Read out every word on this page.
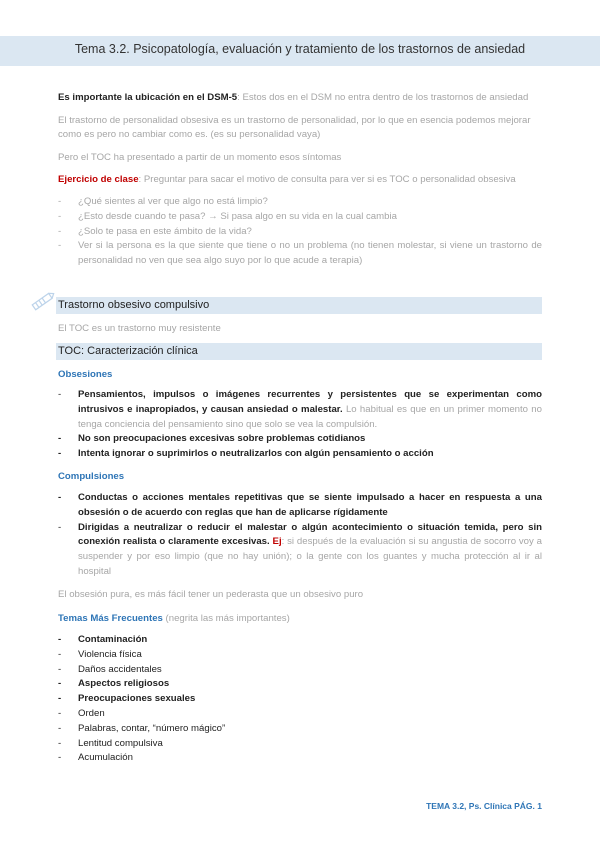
Tema 3.2. Psicopatología, evaluación y tratamiento de los trastornos de ansiedad
Es importante la ubicación en el DSM-5: Estos dos en el DSM no entra dentro de los trastornos de ansiedad
El trastorno de personalidad obsesiva es un trastorno de personalidad, por lo que en esencia podemos mejorar como es pero no cambiar como es. (es su personalidad vaya)
Pero el TOC ha presentado a partir de un momento esos síntomas
Ejercicio de clase: Preguntar para sacar el motivo de consulta para ver si es TOC o personalidad obsesiva
- ¿Qué sientes al ver que algo no está limpio?
- ¿Esto desde cuando te pasa? → Si pasa algo en su vida en la cual cambia
- ¿Solo te pasa en este ámbito de la vida?
- Ver si la persona es la que siente que tiene o no un problema (no tienen molestar, si viene un trastorno de personalidad no ven que sea algo suyo por lo que acude a terapia)
Trastorno obsesivo compulsivo
El TOC es un trastorno muy resistente
TOC: Caracterización clínica
Obsesiones
- Pensamientos, impulsos o imágenes recurrentes y persistentes que se experimentan como intrusivos e inapropiados, y causan ansiedad o malestar. Lo habitual es que en un primer momento no tenga conciencia del pensamiento sino que solo se vea la compulsión.
- No son preocupaciones excesivas sobre problemas cotidianos
- Intenta ignorar o suprimirlos o neutralizarlos con algún pensamiento o acción
Compulsiones
- Conductas o acciones mentales repetitivas que se siente impulsado a hacer en respuesta a una obsesión o de acuerdo con reglas que han de aplicarse rígidamente
- Dirigidas a neutralizar o reducir el malestar o algún acontecimiento o situación temida, pero sin conexión realista o claramente excesivas. Ej: si después de la evaluación si su angustia de socorro voy a suspender y por eso limpio (que no hay unión); o la gente con los guantes y mucha protección al ir al hospital
El obsesión pura, es más fácil tener un pederasta que un obsesivo puro
Temas Más Frecuentes (negrita las más importantes)
- Contaminación
- Violencia física
- Daños accidentales
- Aspectos religiosos
- Preocupaciones sexuales
- Orden
- Palabras, contar, “número mágico”
- Lentitud compulsiva
- Acumulación
TEMA 3.2, Ps. Clínica PÁG. 1
